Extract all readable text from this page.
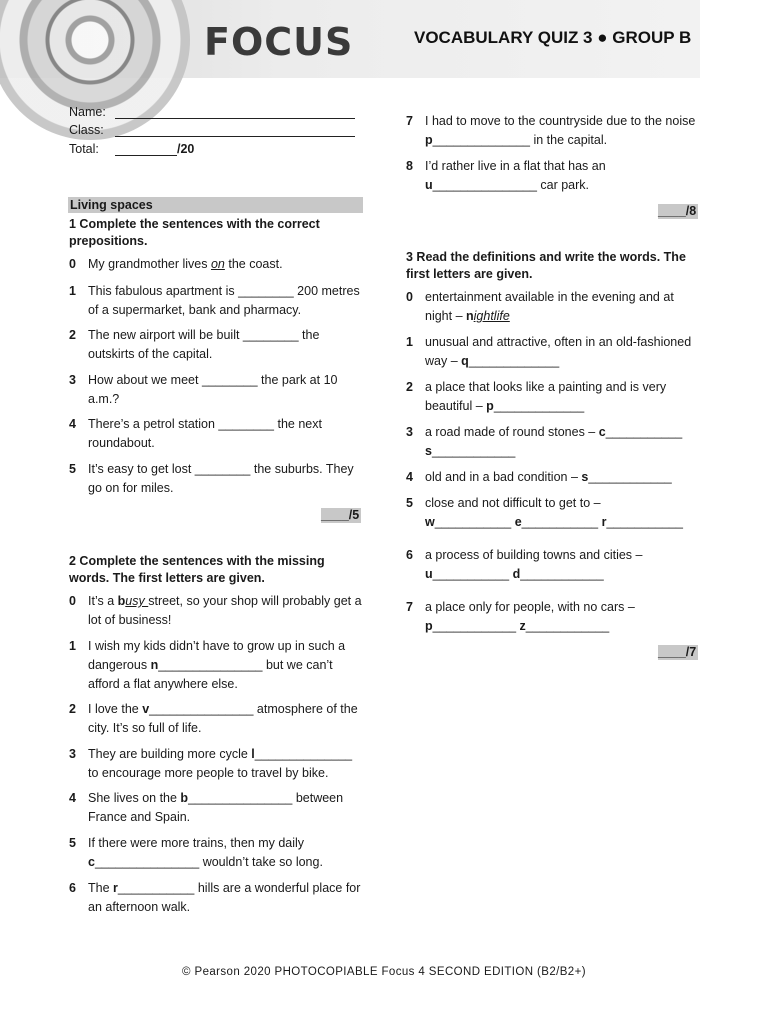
FOCUS	VOCABULARY QUIZ 3 ● GROUP B
Name:
Class:
Total:	/20
Living spaces
1 Complete the sentences with the correct prepositions.
0 My grandmother lives on the coast.
1 This fabulous apartment is ________ 200 metres of a supermarket, bank and pharmacy.
2 The new airport will be built ________ the outskirts of the capital.
3 How about we meet ________ the park at 10 a.m.?
4 There’s a petrol station ________ the next roundabout.
5 It’s easy to get lost ________ the suburbs. They go on for miles.
____/5
2 Complete the sentences with the missing words. The first letters are given.
0 It’s a busy street, so your shop will probably get a lot of business!
1 I wish my kids didn’t have to grow up in such a dangerous n_______________ but we can’t afford a flat anywhere else.
2 I love the v_______________ atmosphere of the city. It’s so full of life.
3 They are building more cycle l______________ to encourage more people to travel by bike.
4 She lives on the b_______________ between France and Spain.
5 If there were more trains, then my daily c_______________ wouldn’t take so long.
6 The r___________ hills are a wonderful place for an afternoon walk.
7 I had to move to the countryside due to the noise p______________ in the capital.
8 I’d rather live in a flat that has an u_______________ car park.
____/8
3 Read the definitions and write the words. The first letters are given.
0 entertainment available in the evening and at night – nightlife
1 unusual and attractive, often in an old-fashioned way – q_____________
2 a place that looks like a painting and is very beautiful – p_____________
3 a road made of round stones – c___________
s____________
4 old and in a bad condition – s____________
5 close and not difficult to get to –
w___________ e___________ r___________
6 a process of building towns and cities –
u___________ d____________
7 a place only for people, with no cars –
p____________ z____________
____/7
© Pearson 2020 PHOTOCOPIABLE Focus 4 SECOND EDITION (B2/B2+)
